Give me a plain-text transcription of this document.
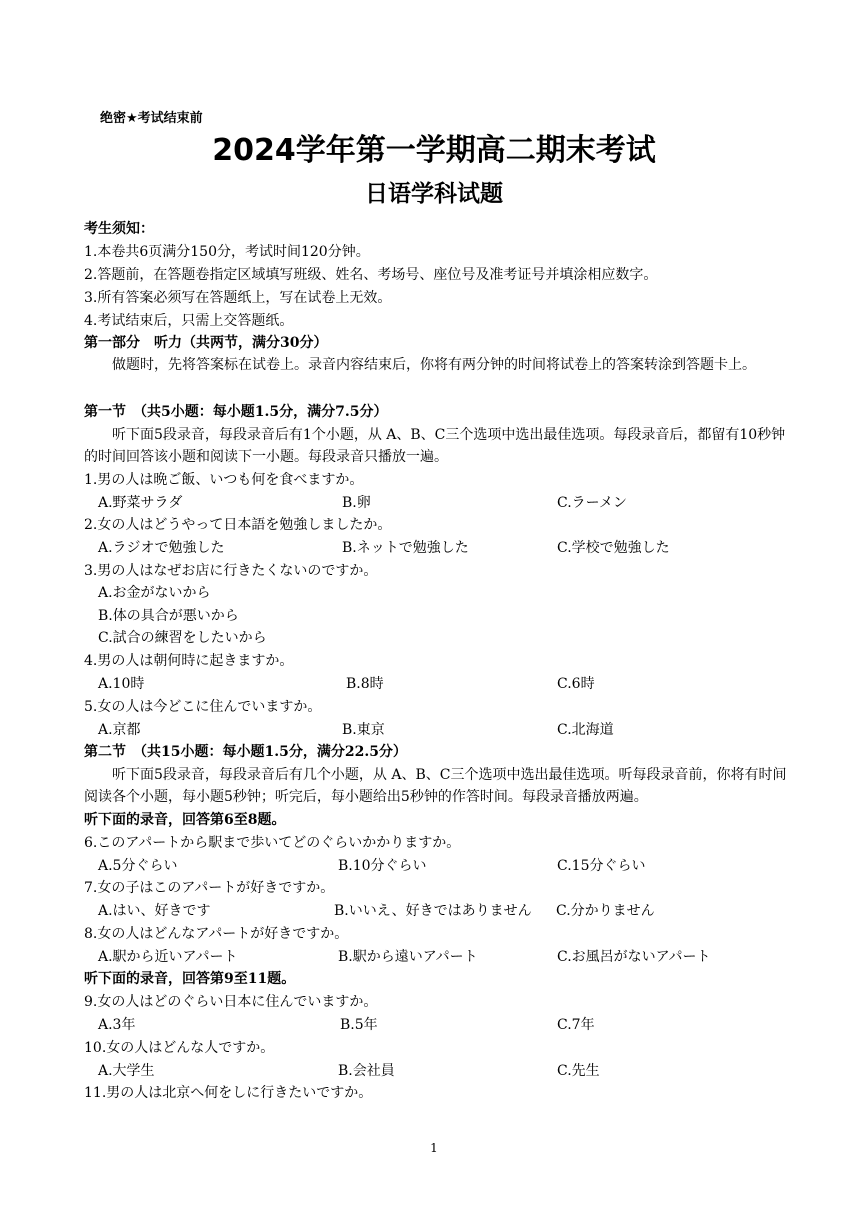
绝密★考试结束前
2024学年第一学期高二期末考试
日语学科试题
考生须知：
1.本卷共6页满分150分，考试时间120分钟。
2.答题前，在答题卷指定区域填写班级、姓名、考场号、座位号及准考证号并填涂相应数字。
3.所有答案必须写在答题纸上，写在试卷上无效。
4.考试结束后，只需上交答题纸。
第一部分　听力（共两节，满分30分）
做题时，先将答案标在试卷上。录音内容结束后，你将有两分钟的时间将试卷上的答案转涂到答题卡上。
第一节　（共5小题：每小题1.5分，满分7.5分）
听下面5段录音，每段录音后有1个小题，从 A、B、C三个选项中选出最佳选项。每段录音后，都留有10秒钟的时间回答该小题和阅读下一小题。每段录音只播放一遍。
1.男の人は晩ご飯、いつも何を食べますか。
A.野菜サラダ	B.卵	C.ラーメン
2.女の人はどうやって日本語を勉強しましたか。
A.ラジオで勉強した	B.ネットで勉強した	C.学校で勉強した
3.男の人はなぜお店に行きたくないのですか。
A.お金がないから
B.体の具合が悪いから
C.試合の練習をしたいから
4.男の人は朝何時に起きますか。
A.10時	B.8時	C.6時
5.女の人は今どこに住んでいますか。
A.京都	B.東京	C.北海道
第二节　（共15小题：每小题1.5分，满分22.5分）
听下面5段录音，每段录音后有几个小题，从 A、B、C三个选项中选出最佳选项。听每段录音前，你将有时间阅读各个小题，每小题5秒钟；听完后，每小题给出5秒钟的作答时间。每段录音播放两遍。
听下面的录音，回答第6至8题。
6.このアパートから駅まで歩いてどのぐらいかかりますか。
A.5分ぐらい	B.10分ぐらい	C.15分ぐらい
7.女の子はこのアパートが好きですか。
A.はい、好きです	B.いいえ、好きではありません C.分かりません
8.女の人はどんなアパートが好きですか。
A.駅から近いアパート	B.駅から遠いアパート	C.お風呂がないアパート
听下面的录音，回答第9至11题。
9.女の人はどのぐらい日本に住んでいますか。
A.3年	B.5年	C.7年
10.女の人はどんな人ですか。
A.大学生	B.会社員	C.先生
11.男の人は北京へ何をしに行きたいですか。
1
